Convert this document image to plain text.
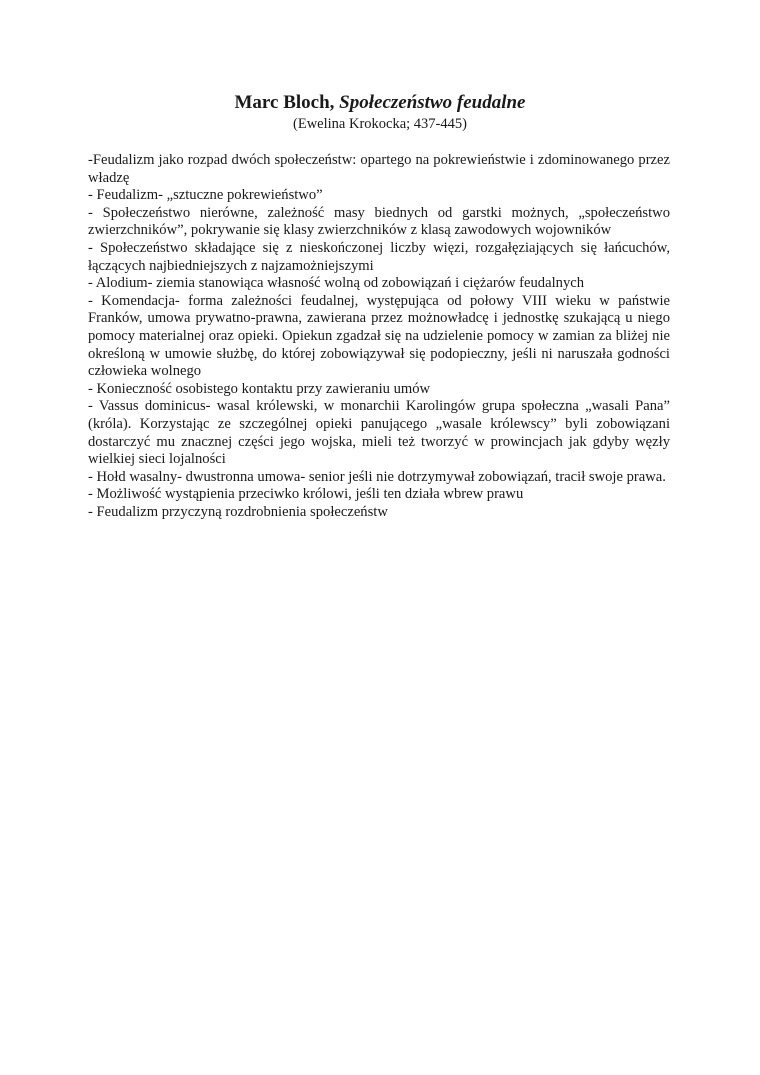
Marc Bloch, Społeczeństwo feudalne
(Ewelina Krokocka; 437-445)

-Feudalizm jako rozpad dwóch społeczeństw: opartego na pokrewieństwie i zdominowanego przez władzę

- Feudalizm- „sztuczne pokrewieństwo”

- Społeczeństwo nierówne, zależność masy biednych od garstki możnych, „społeczeństwo zwierzchników”, pokrywanie się klasy zwierzchników z klasą zawodowych wojowników

- Społeczeństwo składające się z nieskończonej liczby więzi, rozgałęziających się łańcuchów, łączących najbiedniejszych z najzamożniejszymi

- Alodium- ziemia stanowiąca własność wolną od zobowiązań i ciężarów feudalnych

- Komendacja- forma zależności feudalnej, występująca od połowy VIII wieku w państwie Franków, umowa prywatno-prawna, zawierana przez możnowładcę i jednostkę szukającą u niego pomocy materialnej oraz opieki. Opiekun zgadzał się na udzielenie pomocy w zamian za bliżej nie określoną w umowie służbę, do której zobowiązywał się podopieczny, jeśli ni naruszała godności człowieka wolnego

- Konieczność osobistego kontaktu przy zawieraniu umów

- Vassus dominicus- wasal królewski, w monarchii Karolingów grupa społeczna „wasali Pana” (króla). Korzystając ze szczególnej opieki panującego „wasale królewscy” byli zobowiązani dostarczyć mu znacznej części jego wojska, mieli też tworzyć w prowincjach jak gdyby węzły wielkiej sieci lojalności

- Hołd wasalny- dwustronna umowa- senior jeśli nie dotrzymywał zobowiązań, tracił swoje prawa.

- Możliwość wystąpienia przeciwko królowi, jeśli ten działa wbrew prawu

- Feudalizm przyczyną rozdrobnienia społeczeństw
